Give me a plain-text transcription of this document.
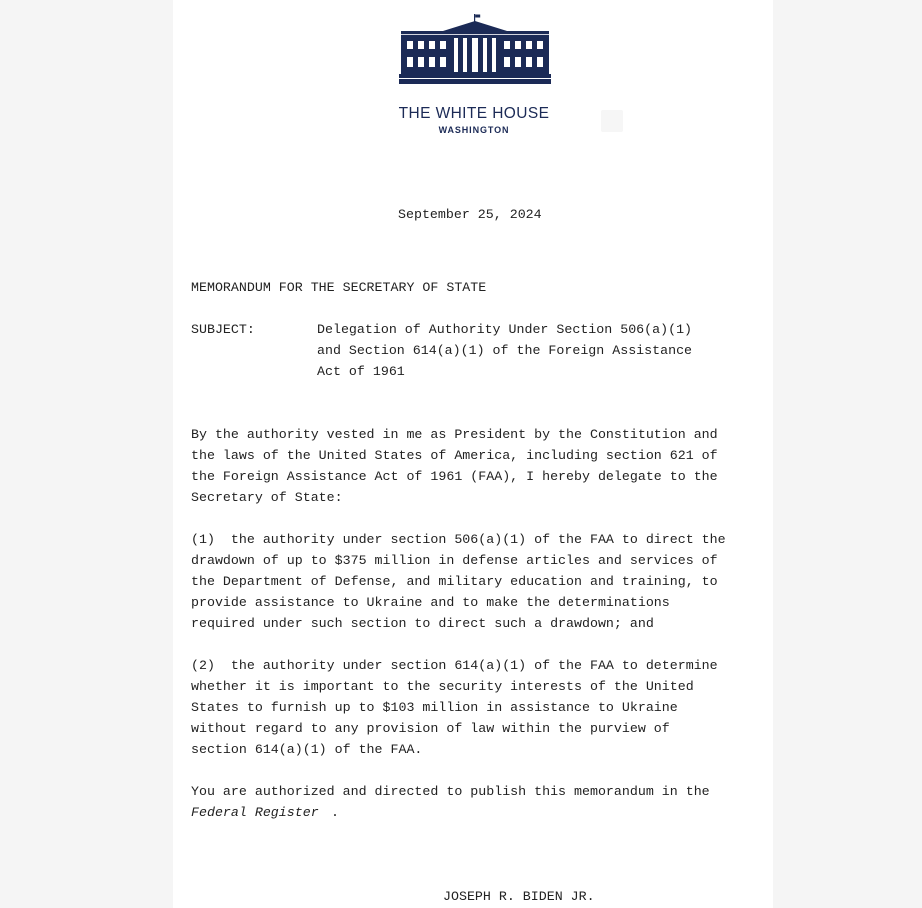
THE WHITE HOUSE
WASHINGTON

September 25, 2024

MEMORANDUM FOR THE SECRETARY OF STATE

SUBJECT:	Delegation of Authority Under Section 506(a)(1)
and Section 614(a)(1) of the Foreign Assistance
Act of 1961

By the authority vested in me as President by the Constitution and
the laws of the United States of America, including section 621 of
the Foreign Assistance Act of 1961 (FAA), I hereby delegate to the
Secretary of State:

(1)  the authority under section 506(a)(1) of the FAA to direct the
drawdown of up to $375 million in defense articles and services of
the Department of Defense, and military education and training, to
provide assistance to Ukraine and to make the determinations
required under such section to direct such a drawdown; and

(2)  the authority under section 614(a)(1) of the FAA to determine
whether it is important to the security interests of the United
States to furnish up to $103 million in assistance to Ukraine
without regard to any provision of law within the purview of
section 614(a)(1) of the FAA.

You are authorized and directed to publish this memorandum in the

Federal Register .

JOSEPH R. BIDEN JR.
